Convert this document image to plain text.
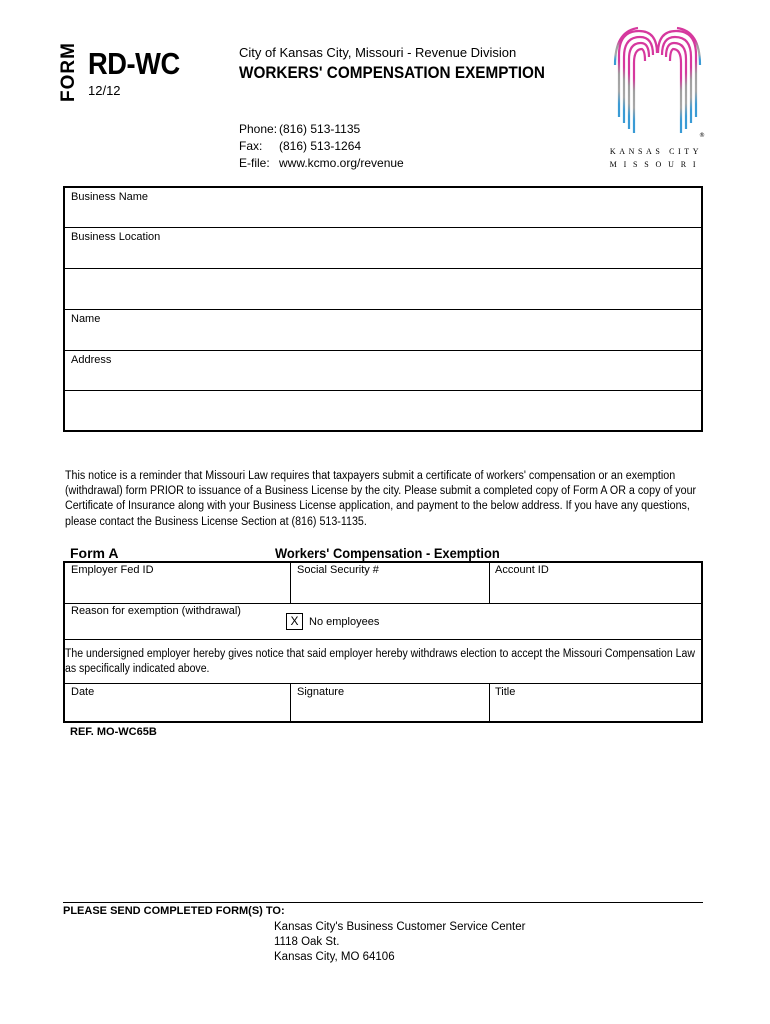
FORM RD-WC
12/12
City of Kansas City, Missouri - Revenue Division
WORKERS' COMPENSATION EXEMPTION
Phone: (816) 513-1135
Fax: (816) 513-1264
E-file: www.kcmo.org/revenue
®
KANSAS CITY
MISSOURI
Business Name
Business Location
Name
Address
This notice is a reminder that Missouri Law requires that taxpayers submit a certificate of workers' compensation or an exemption (withdrawal) form PRIOR to issuance of a Business License by the city. Please submit a completed copy of Form A OR a copy of your Certificate of Insurance along with your Business License application, and payment to the below address. If you have any questions, please contact the Business License Section at (816) 513-1135.
Form A	Workers' Compensation - Exemption
Employer Fed ID	Social Security #	Account ID
Reason for exemption (withdrawal)
X No employees
The undersigned employer hereby gives notice that said employer hereby withdraws election to accept the Missouri Compensation Law as specifically indicated above.
Date	Signature	Title
REF. MO-WC65B
PLEASE SEND COMPLETED FORM(S) TO:
Kansas City's Business Customer Service Center
1118 Oak St.
Kansas City, MO 64106
